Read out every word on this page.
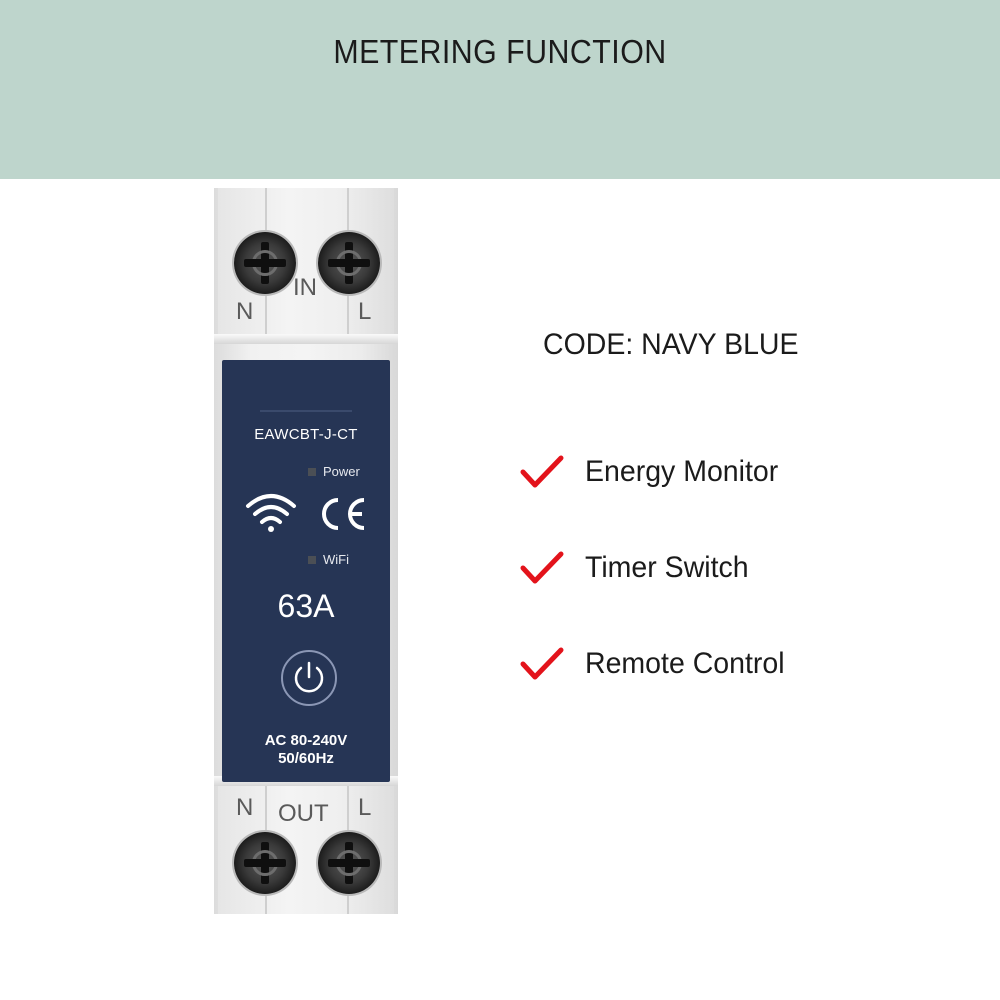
METERING FUNCTION
N
IN
L
EAWCBT-J-CT
Power
WiFi
63A
AC 80-240V
50/60Hz
N OUT L
CODE: NAVY BLUE
Energy Monitor
Timer Switch
Remote Control
